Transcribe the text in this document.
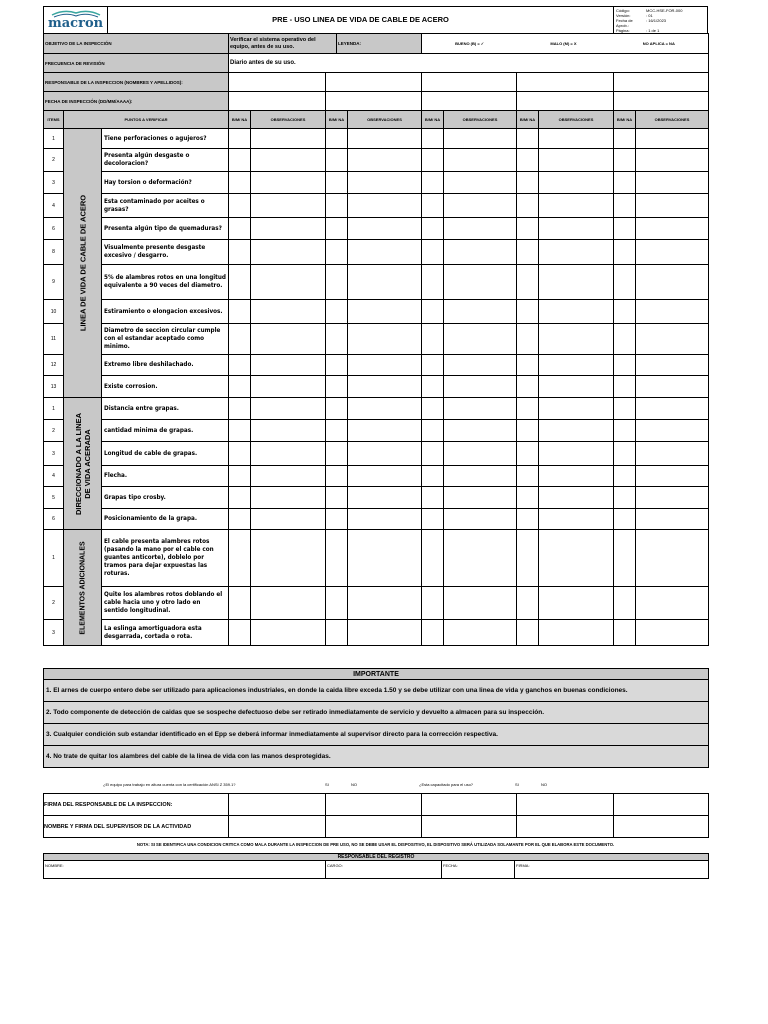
macron	PRE - USO LINEA DE VIDA DE CABLE DE ACERO
Código:	MCC-HSE-FOR-000
Versión:	: 01
Fecha de Aprob.:
: 16/1/2023
Página:	: 1 de 1
OBJETIVO DE LA INSPECCIÓN	Verificar el sistema operativo del equipo, antes de su uso.	LEYENDA:	BUENO (B) = ✓ MALO (M) = X NO APLICA = NA

FRECUENCIA DE REVISIÓN	Diario antes de su uso.		
RESPONSABLE DE LA INSPECCION (NOMBRES Y APELLIDOS):					
FECHA DE INSPECCIÓN (DD/MM/AAAA):					
ITEMS	PUNTOS A VERIFICAR		B/M/ NA	OBSERVACIONES	B/M/ NA	OBSERVACIONES	B/M/ NA	OBSERVACIONES	B/M/ NA	OBSERVACIONES	B/M/ NA	OBSERVACIONES
1	LINEA DE VIDA DE CABLE DE ACERO	Tiene perforaciones o agujeros?										
2		Presenta algún desgaste o decoloracion?										
3		Hay torsion o deformación?										
4		Esta contaminado por aceites o grasas?										
6		Presenta algún tipo de quemaduras?										
8		Visualmente presente desgaste excesivo / desgarro.										
9		5% de alambres rotos en una longitud equivalente a 90 veces del diametro.										
10		Estiramiento o elongacion excesivos.										
11		Diametro de seccion circular cumple con el estandar aceptado como minimo.										
12		Extremo libre deshilachado.										
13		Existe corrosion.										
1	DIRECCIONADO A LA LINEA DE VIDA ACERADA	Distancia entre grapas.										
2		cantidad minima de grapas.										
3		Longitud de cable de grapas.										
4		Flecha.										
5		Grapas tipo crosby.										
6		Posicionamiento de la grapa.										
1	ELEMENTOS ADICIONALES	El cable presenta alambres rotos (pasando la mano por el cable con guantes anticorte), doblelo por tramos para dejar expuestas las roturas.										
2		Quite los alambres rotos doblando el cable hacia uno y otro lado en sentido longitudinal.										
3		La eslinga amortiguadora esta desgarrada, cortada o rota.										
IMPORTANTE
1. El arnes de cuerpo entero debe ser utilizado para aplicaciones industriales, en donde la caida libre exceda 1.50 y se debe utilizar con una linea de vida y ganchos en buenas condiciones.
2. Todo componente de detección de caidas que se sospeche defectuoso debe ser retirado inmediatamente de servicio y devuelto a almacen para su inspección.
3. Cualquier condición sub estandar identificado en el Epp se deberá informar inmediatamente al supervisor directo para la corrección respectiva.
4. No trate de quitar los alambres del cable de la linea de vida con las manos desprotegidas.
¿El equipo para trabajo en altura cuenta con la certificación ANSI Z 359.1?	SI	NO	¿Esta capacitado para el uso?	SI	NO
FIRMA DEL RESPONSABLE DE LA INSPECCION:					
NOMBRE Y FIRMA DEL SUPERVISOR DE LA ACTIVIDAD					
NOTA: SI SE IDENTIFICA UNA CONDICION CRITICA COMO MALA DURANTE LA INSPECCION DE PRE USO, NO SE DEBE USAR EL DISPOSITIVO, EL DISPOSITIVO SERÁ UTILIZADA SOLAMANTE POR EL QUE ELABORA ESTE DOCUMENTO.
RESPONSABLE DEL REGISTRO
NOMBRE:	CARGO:	FECHA:	FIRMA:
